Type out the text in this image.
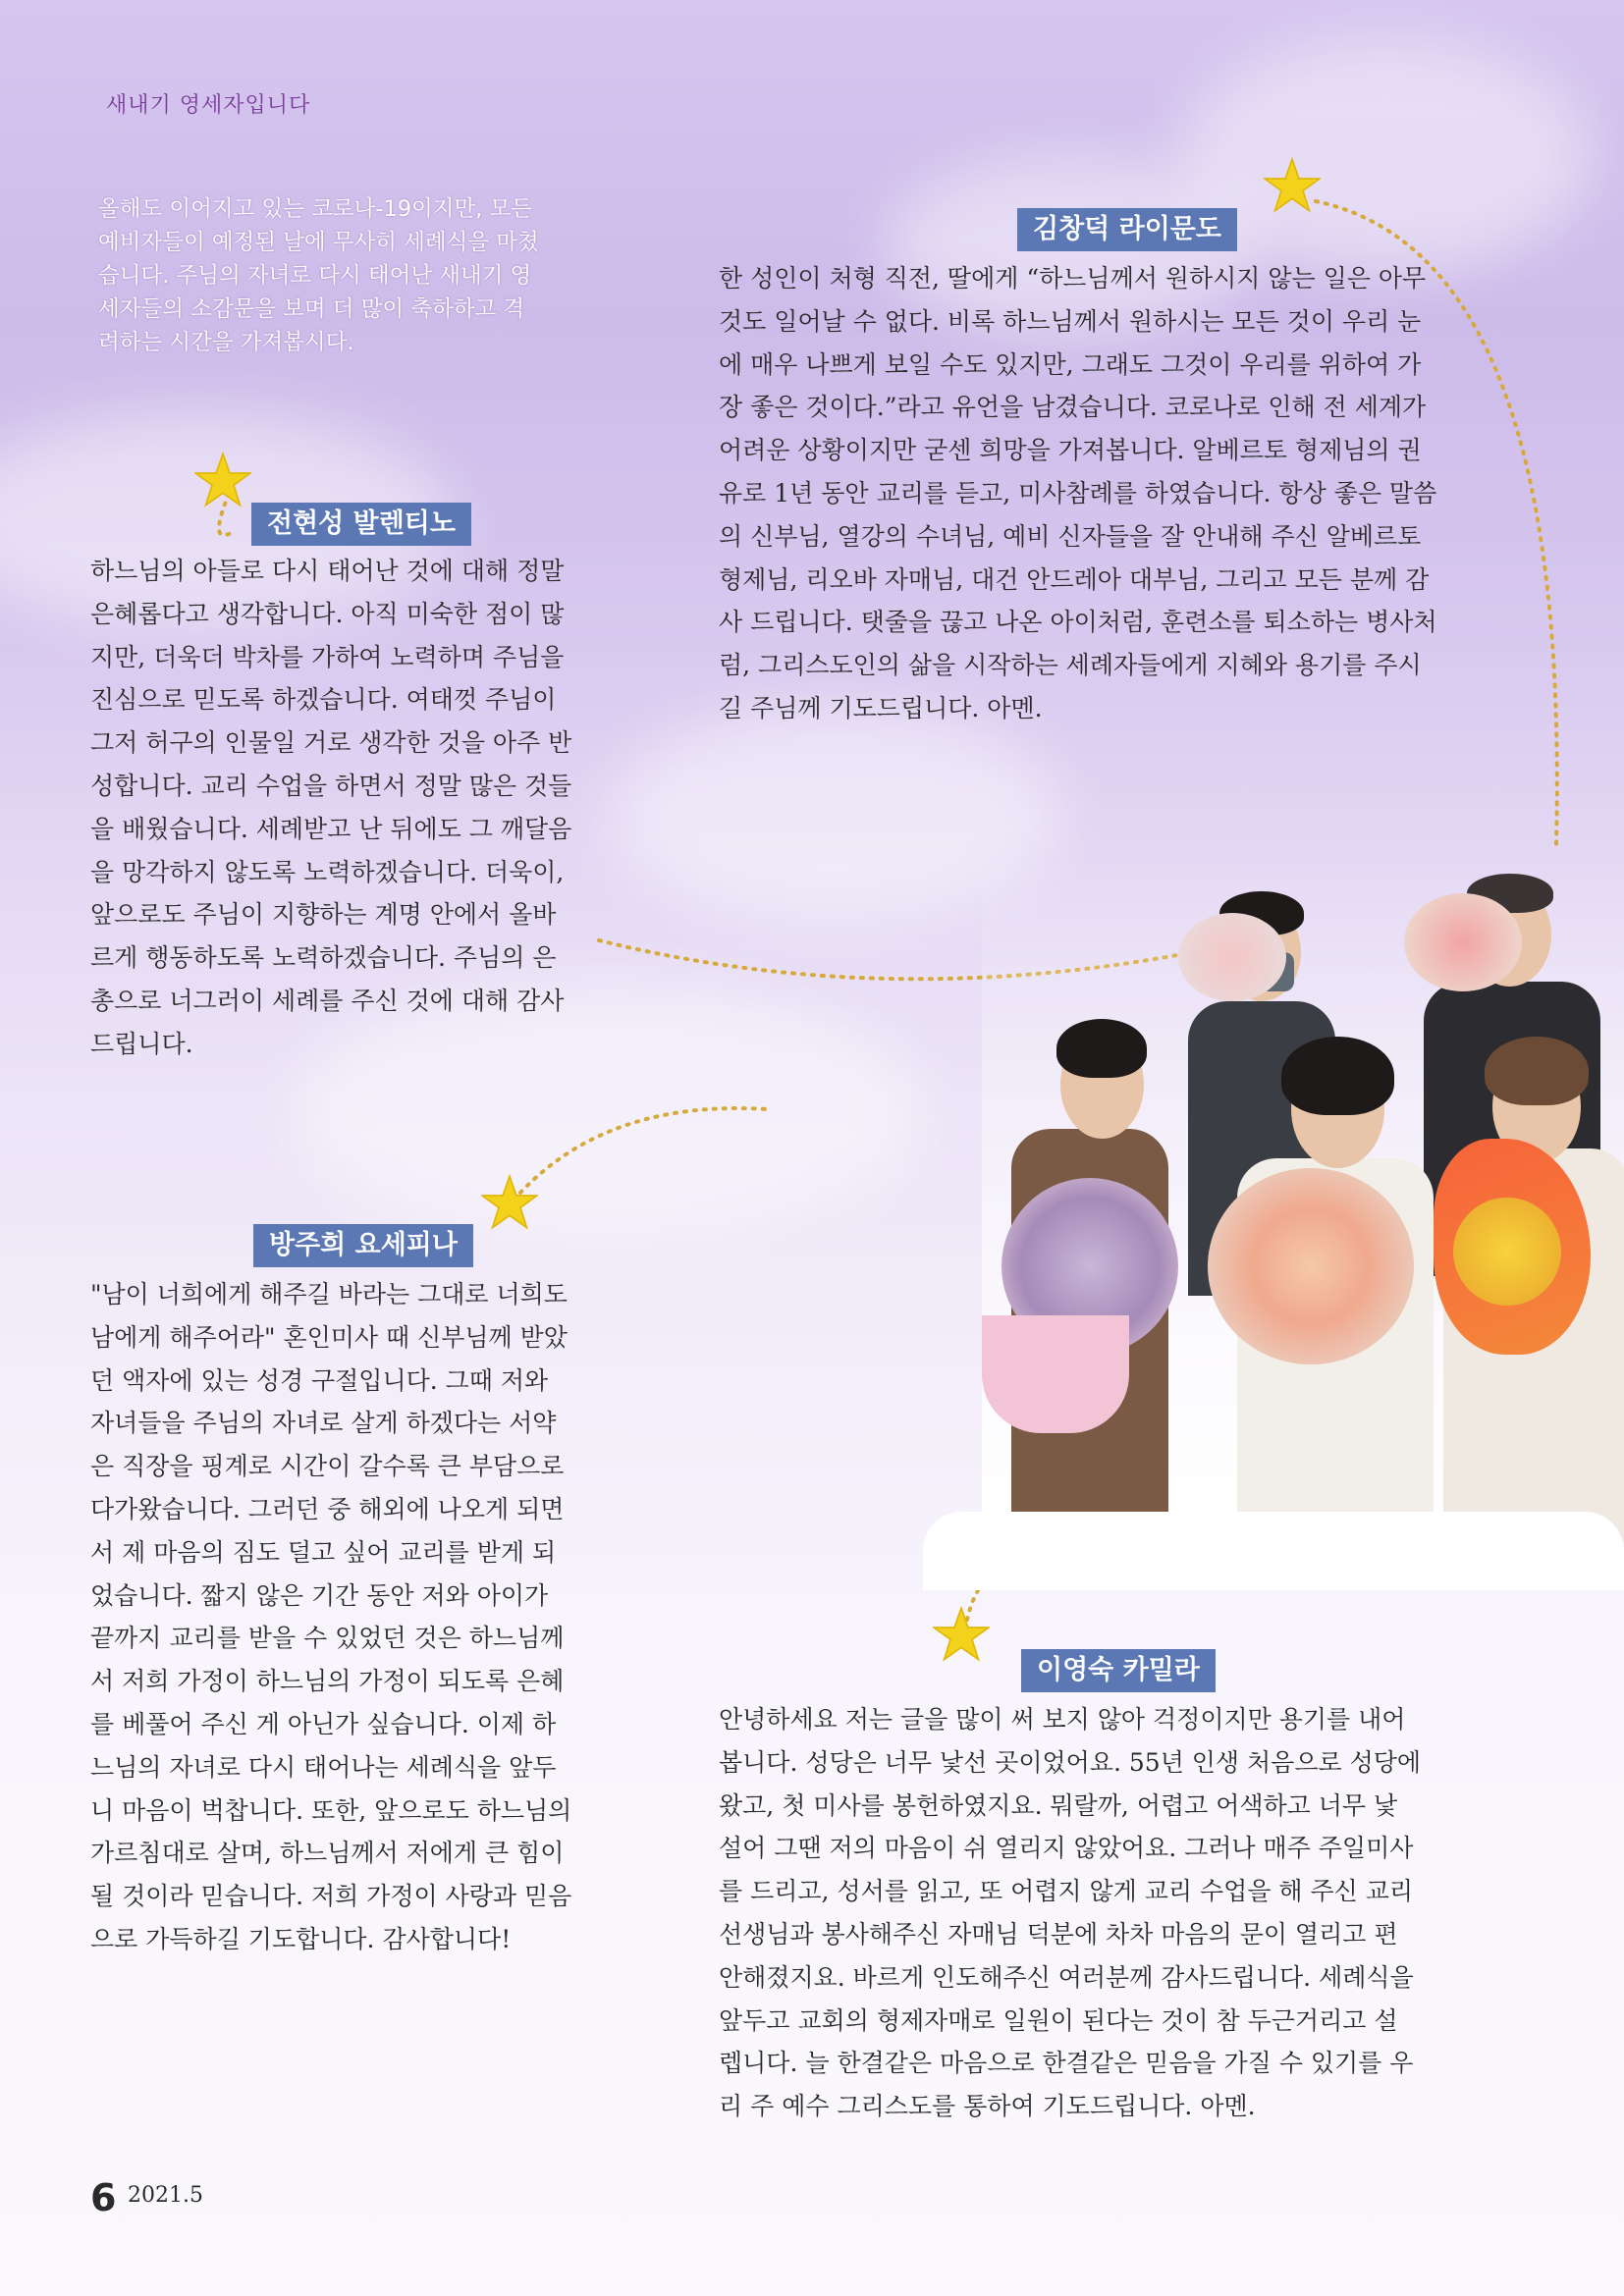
새내기 영세자입니다
올해도 이어지고 있는 코로나-19이지만, 모든
예비자들이 예정된 날에 무사히 세례식을 마쳤
습니다. 주님의 자녀로 다시 태어난 새내기 영
세자들의 소감문을 보며 더 많이 축하하고 격
려하는 시간을 가져봅시다.
전현성 발렌티노
하느님의 아들로 다시 태어난 것에 대해 정말
은혜롭다고 생각합니다. 아직 미숙한 점이 많
지만, 더욱더 박차를 가하여 노력하며 주님을
진심으로 믿도록 하겠습니다. 여태껏 주님이
그저 허구의 인물일 거로 생각한 것을 아주 반
성합니다. 교리 수업을 하면서 정말 많은 것들
을 배웠습니다. 세례받고 난 뒤에도 그 깨달음
을 망각하지 않도록 노력하겠습니다. 더욱이,
앞으로도 주님이 지향하는 계명 안에서 올바
르게 행동하도록 노력하겠습니다. 주님의 은
총으로 너그러이 세례를 주신 것에 대해 감사
드립니다.
김창덕 라이문도
한 성인이 처형 직전, 딸에게 “하느님께서 원하시지 않는 일은 아무
것도 일어날 수 없다. 비록 하느님께서 원하시는 모든 것이 우리 눈
에 매우 나쁘게 보일 수도 있지만, 그래도 그것이 우리를 위하여 가
장 좋은 것이다.”라고 유언을 남겼습니다. 코로나로 인해 전 세계가
어려운 상황이지만 굳센 희망을 가져봅니다. 알베르토 형제님의 권
유로 1년 동안 교리를 듣고, 미사참례를 하였습니다. 항상 좋은 말씀
의 신부님, 열강의 수녀님, 예비 신자들을 잘 안내해 주신 알베르토
형제님, 리오바 자매님, 대건 안드레아 대부님, 그리고 모든 분께 감
사 드립니다. 탯줄을 끊고 나온 아이처럼, 훈련소를 퇴소하는 병사처
럼, 그리스도인의 삶을 시작하는 세례자들에게 지혜와 용기를 주시
길 주님께 기도드립니다. 아멘.
방주희 요세피나
"남이 너희에게 해주길 바라는 그대로 너희도
남에게 해주어라" 혼인미사 때 신부님께 받았
던 액자에 있는 성경 구절입니다. 그때 저와
자녀들을 주님의 자녀로 살게 하겠다는 서약
은 직장을 핑계로 시간이 갈수록 큰 부담으로
다가왔습니다. 그러던 중 해외에 나오게 되면
서 제 마음의 짐도 덜고 싶어 교리를 받게 되
었습니다. 짧지 않은 기간 동안 저와 아이가
끝까지 교리를 받을 수 있었던 것은 하느님께
서 저희 가정이 하느님의 가정이 되도록 은혜
를 베풀어 주신 게 아닌가 싶습니다. 이제 하
느님의 자녀로 다시 태어나는 세례식을 앞두
니 마음이 벅찹니다. 또한, 앞으로도 하느님의
가르침대로 살며, 하느님께서 저에게 큰 힘이
될 것이라 믿습니다. 저희 가정이 사랑과 믿음
으로 가득하길 기도합니다. 감사합니다!
이영숙 카밀라
안녕하세요 저는 글을 많이 써 보지 않아 걱정이지만 용기를 내어
봅니다. 성당은 너무 낯선 곳이었어요. 55년 인생 처음으로 성당에
왔고, 첫 미사를 봉헌하였지요. 뭐랄까, 어렵고 어색하고 너무 낯
설어 그땐 저의 마음이 쉬 열리지 않았어요. 그러나 매주 주일미사
를 드리고, 성서를 읽고, 또 어렵지 않게 교리 수업을 해 주신 교리
선생님과 봉사해주신 자매님 덕분에 차차 마음의 문이 열리고 편
안해졌지요. 바르게 인도해주신 여러분께 감사드립니다. 세례식을
앞두고 교회의 형제자매로 일원이 된다는 것이 참 두근거리고 설
렙니다. 늘 한결같은 마음으로 한결같은 믿음을 가질 수 있기를 우
리 주 예수 그리스도를 통하여 기도드립니다. 아멘.
6 2021.5
